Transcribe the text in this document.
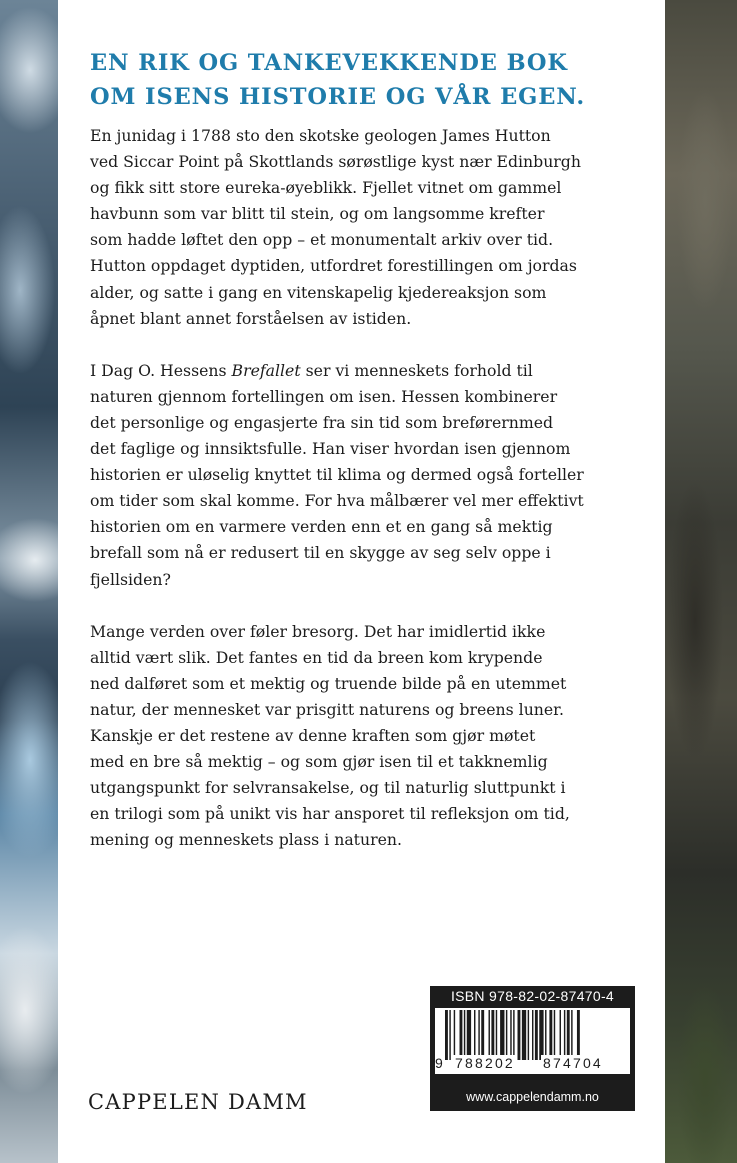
EN RIK OG TANKEVEKKENDE BOK
OM ISENS HISTORIE OG VÅR EGEN.

En junidag i 1788 sto den skotske geologen James Hutton
ved Siccar Point på Skottlands sørøstlige kyst nær Edinburgh
og fikk sitt store eureka-øyeblikk. Fjellet vitnet om gammel
havbunn som var blitt til stein, og om langsomme krefter
som hadde løftet den opp – et monumentalt arkiv over tid.
Hutton oppdaget dyptiden, utfordret forestillingen om jordas
alder, og satte i gang en vitenskapelig kjedereaksjon som
åpnet blant annet forståelsen av istiden.

I Dag O. Hessens Brefallet ser vi menneskets forhold til
naturen gjennom fortellingen om isen. Hessen kombinerer
det personlige og engasjerte fra sin tid som breførernmed
det faglige og innsiktsfulle. Han viser hvordan isen gjennom
historien er uløselig knyttet til klima og dermed også forteller
om tider som skal komme. For hva målbærer vel mer effektivt
historien om en varmere verden enn et en gang så mektig
brefall som nå er redusert til en skygge av seg selv oppe i
fjellsiden?

Mange verden over føler bresorg. Det har imidlertid ikke
alltid vært slik. Det fantes en tid da breen kom krypende
ned dalføret som et mektig og truende bilde på en utemmet
natur, der mennesket var prisgitt naturens og breens luner.
Kanskje er det restene av denne kraften som gjør møtet
med en bre så mektig – og som gjør isen til et takknemlig
utgangspunkt for selvransakelse, og til naturlig sluttpunkt i
en trilogi som på unikt vis har ansporet til refleksjon om tid,
mening og menneskets plass i naturen.

CAPPELEN DAMM
ISBN 978-82-02-87470-4
9 788202 874704
www.cappelendamm.no
